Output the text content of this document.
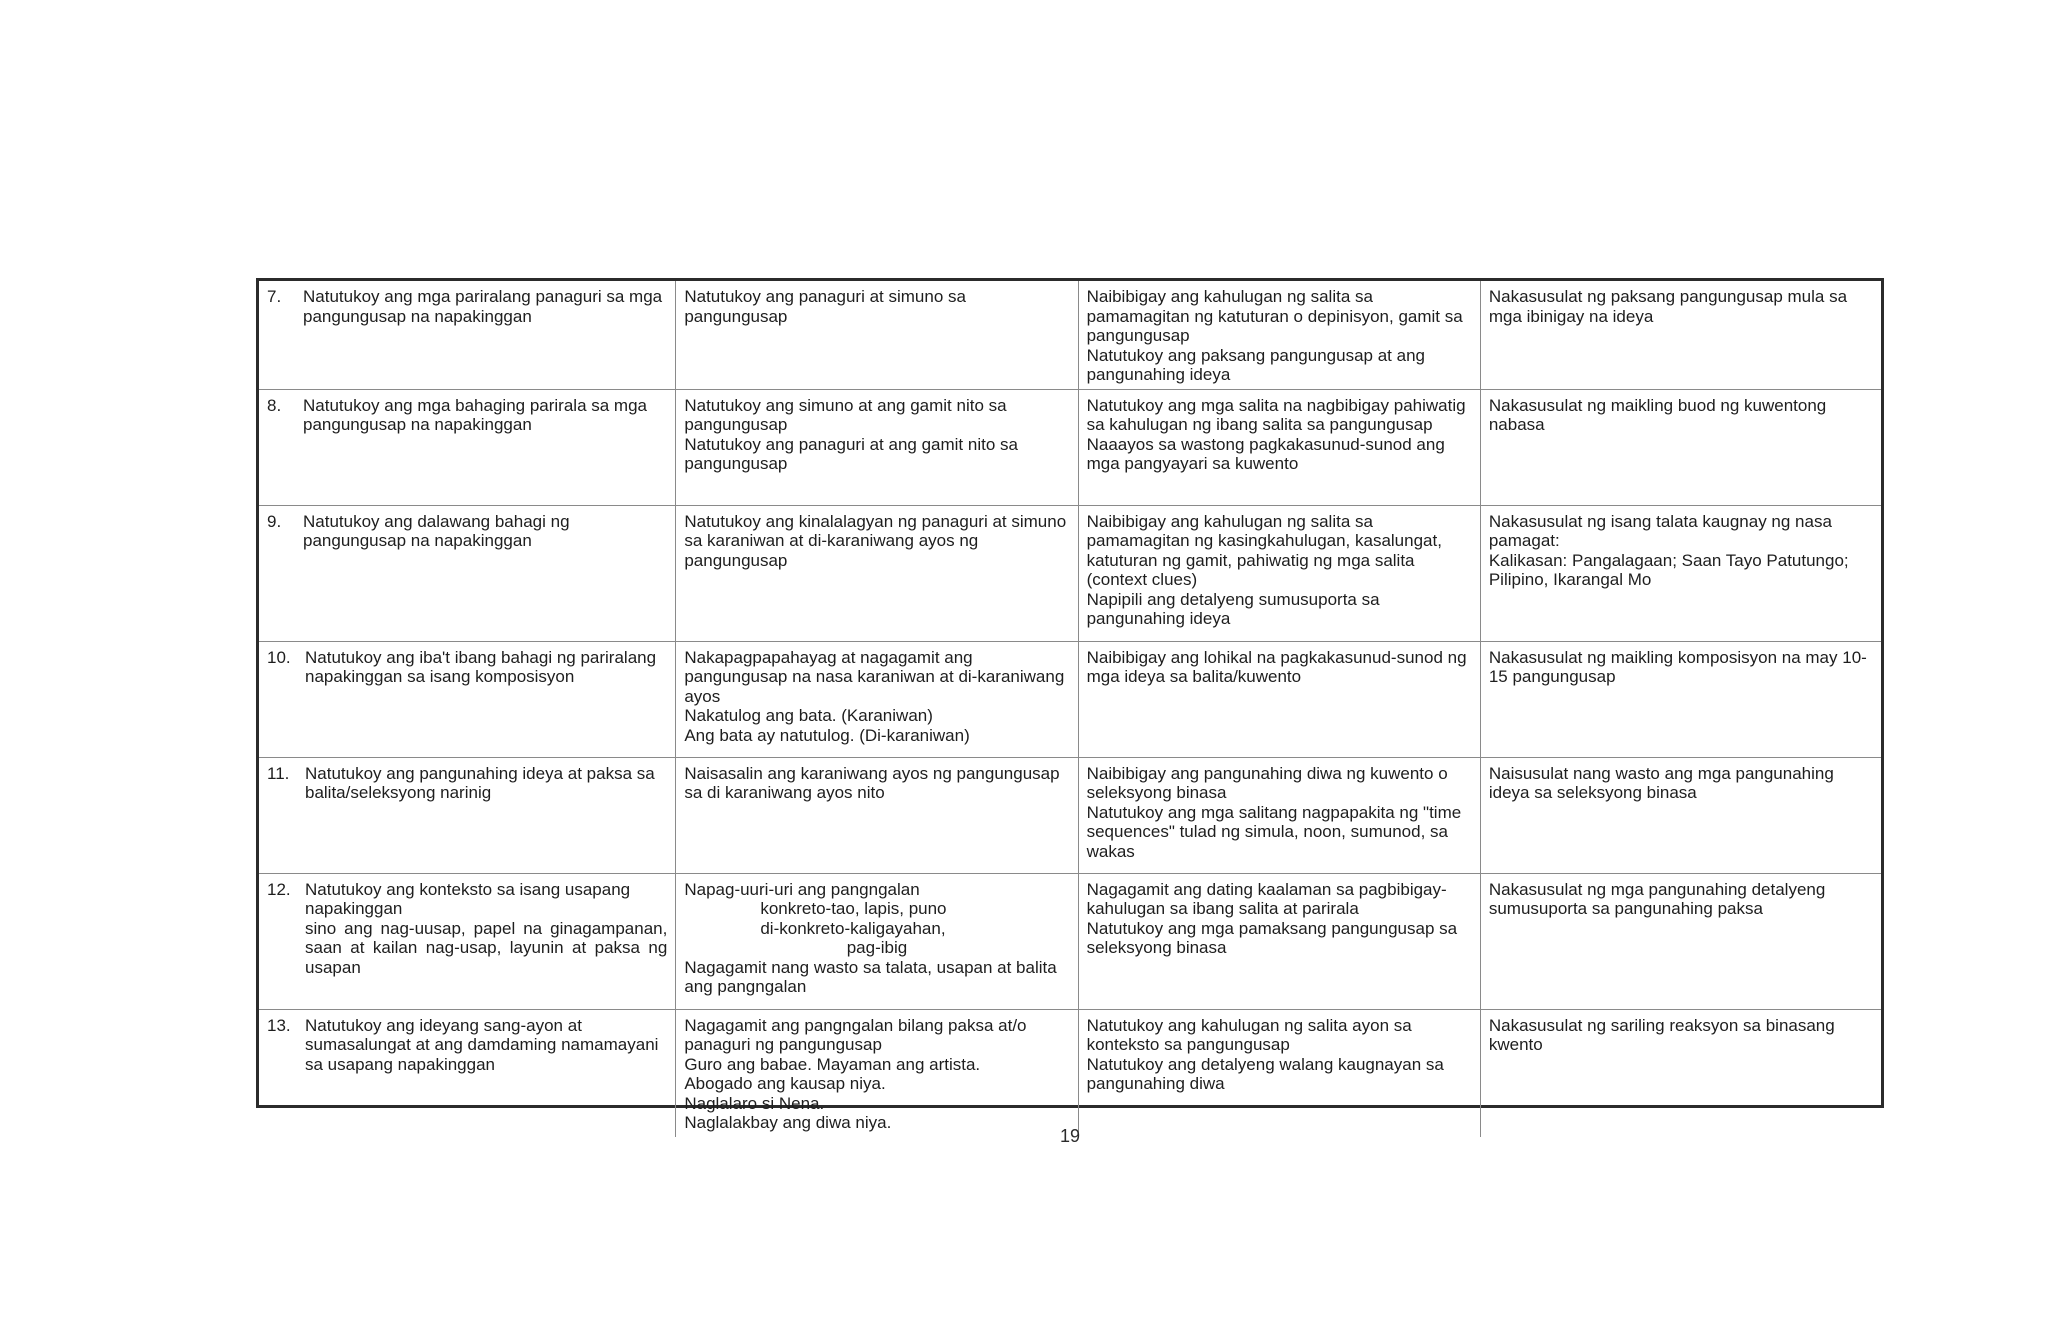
7. Natutukoy ang mga pariralang panaguri sa mga pangungusap na napakinggan	Natutukoy ang panaguri at simuno sa pangungusap	Naibibigay ang kahulugan ng salita sa pamamagitan ng katuturan o depinisyon, gamit sa pangungusap
Natutukoy ang paksang pangungusap at ang pangunahing ideya	Nakasusulat ng paksang pangungusap mula sa mga ibinigay na ideya

8. Natutukoy ang mga bahaging parirala sa mga pangungusap na napakinggan	Natutukoy ang simuno at ang gamit nito sa pangungusap
Natutukoy ang panaguri at ang gamit nito sa pangungusap	Natutukoy ang mga salita na nagbibigay pahiwatig sa kahulugan ng ibang salita sa pangungusap
Naaayos sa wastong pagkakasunud-sunod ang mga pangyayari sa kuwento	Nakasusulat ng maikling buod ng kuwentong nabasa

9. Natutukoy ang dalawang bahagi ng pangungusap na napakinggan	Natutukoy ang kinalalagyan ng panaguri at simuno sa karaniwan at di-karaniwang ayos ng pangungusap	Naibibigay ang kahulugan ng salita sa pamamagitan ng kasingkahulugan, kasalungat, katuturan ng gamit, pahiwatig ng mga salita (context clues)
Napipili ang detalyeng sumusuporta sa pangunahing ideya	Nakasusulat ng isang talata kaugnay ng nasa pamagat:
Kalikasan: Pangalagaan; Saan Tayo Patutungo; Pilipino, Ikarangal Mo

10. Natutukoy ang iba't ibang bahagi ng pariralang napakinggan sa isang komposisyon	Nakapagpapahayag at nagagamit ang pangungusap na nasa karaniwan at di-karaniwang ayos
Nakatulog ang bata. (Karaniwan)
Ang bata ay natutulog. (Di-karaniwan)	Naibibigay ang lohikal na pagkakasunud-sunod ng mga ideya sa balita/kuwento	Nakasusulat ng maikling komposisyon na may 10-15 pangungusap

11. Natutukoy ang pangunahing ideya at paksa sa balita/seleksyong narinig	Naisasalin ang karaniwang ayos ng pangungusap sa di karaniwang ayos nito	Naibibigay ang pangunahing diwa ng kuwento o seleksyong binasa
Natutukoy ang mga salitang nagpapakita ng "time sequences" tulad ng simula, noon, sumunod, sa wakas	Naisusulat nang wasto ang mga pangunahing ideya sa seleksyong binasa

12. Natutukoy ang konteksto sa isang usapang napakinggan
sino ang nag-uusap, papel na ginagampanan, saan at kailan nag-usap, layunin at paksa ng usapan	Napag-uuri-uri ang pangngalan
konkreto-tao, lapis, puno
di-konkreto-kaligayahan,
pag-ibig
Nagagamit nang wasto sa talata, usapan at balita ang pangngalan	Nagagamit ang dating kaalaman sa pagbibigay-kahulugan sa ibang salita at parirala
Natutukoy ang mga pamaksang pangungusap sa seleksyong binasa	Nakasusulat ng mga pangunahing detalyeng sumusuporta sa pangunahing paksa

13. Natutukoy ang ideyang sang-ayon at sumasalungat at ang damdaming namamayani sa usapang napakinggan	Nagagamit ang pangngalan bilang paksa at/o panaguri ng pangungusap
Guro ang babae. Mayaman ang artista.
Abogado ang kausap niya.
Naglalaro si Nena.
Naglalakbay ang diwa niya.	Natutukoy ang kahulugan ng salita ayon sa konteksto sa pangungusap
Natutukoy ang detalyeng walang kaugnayan sa pangunahing diwa	Nakasusulat ng sariling reaksyon sa binasang kwento
19
